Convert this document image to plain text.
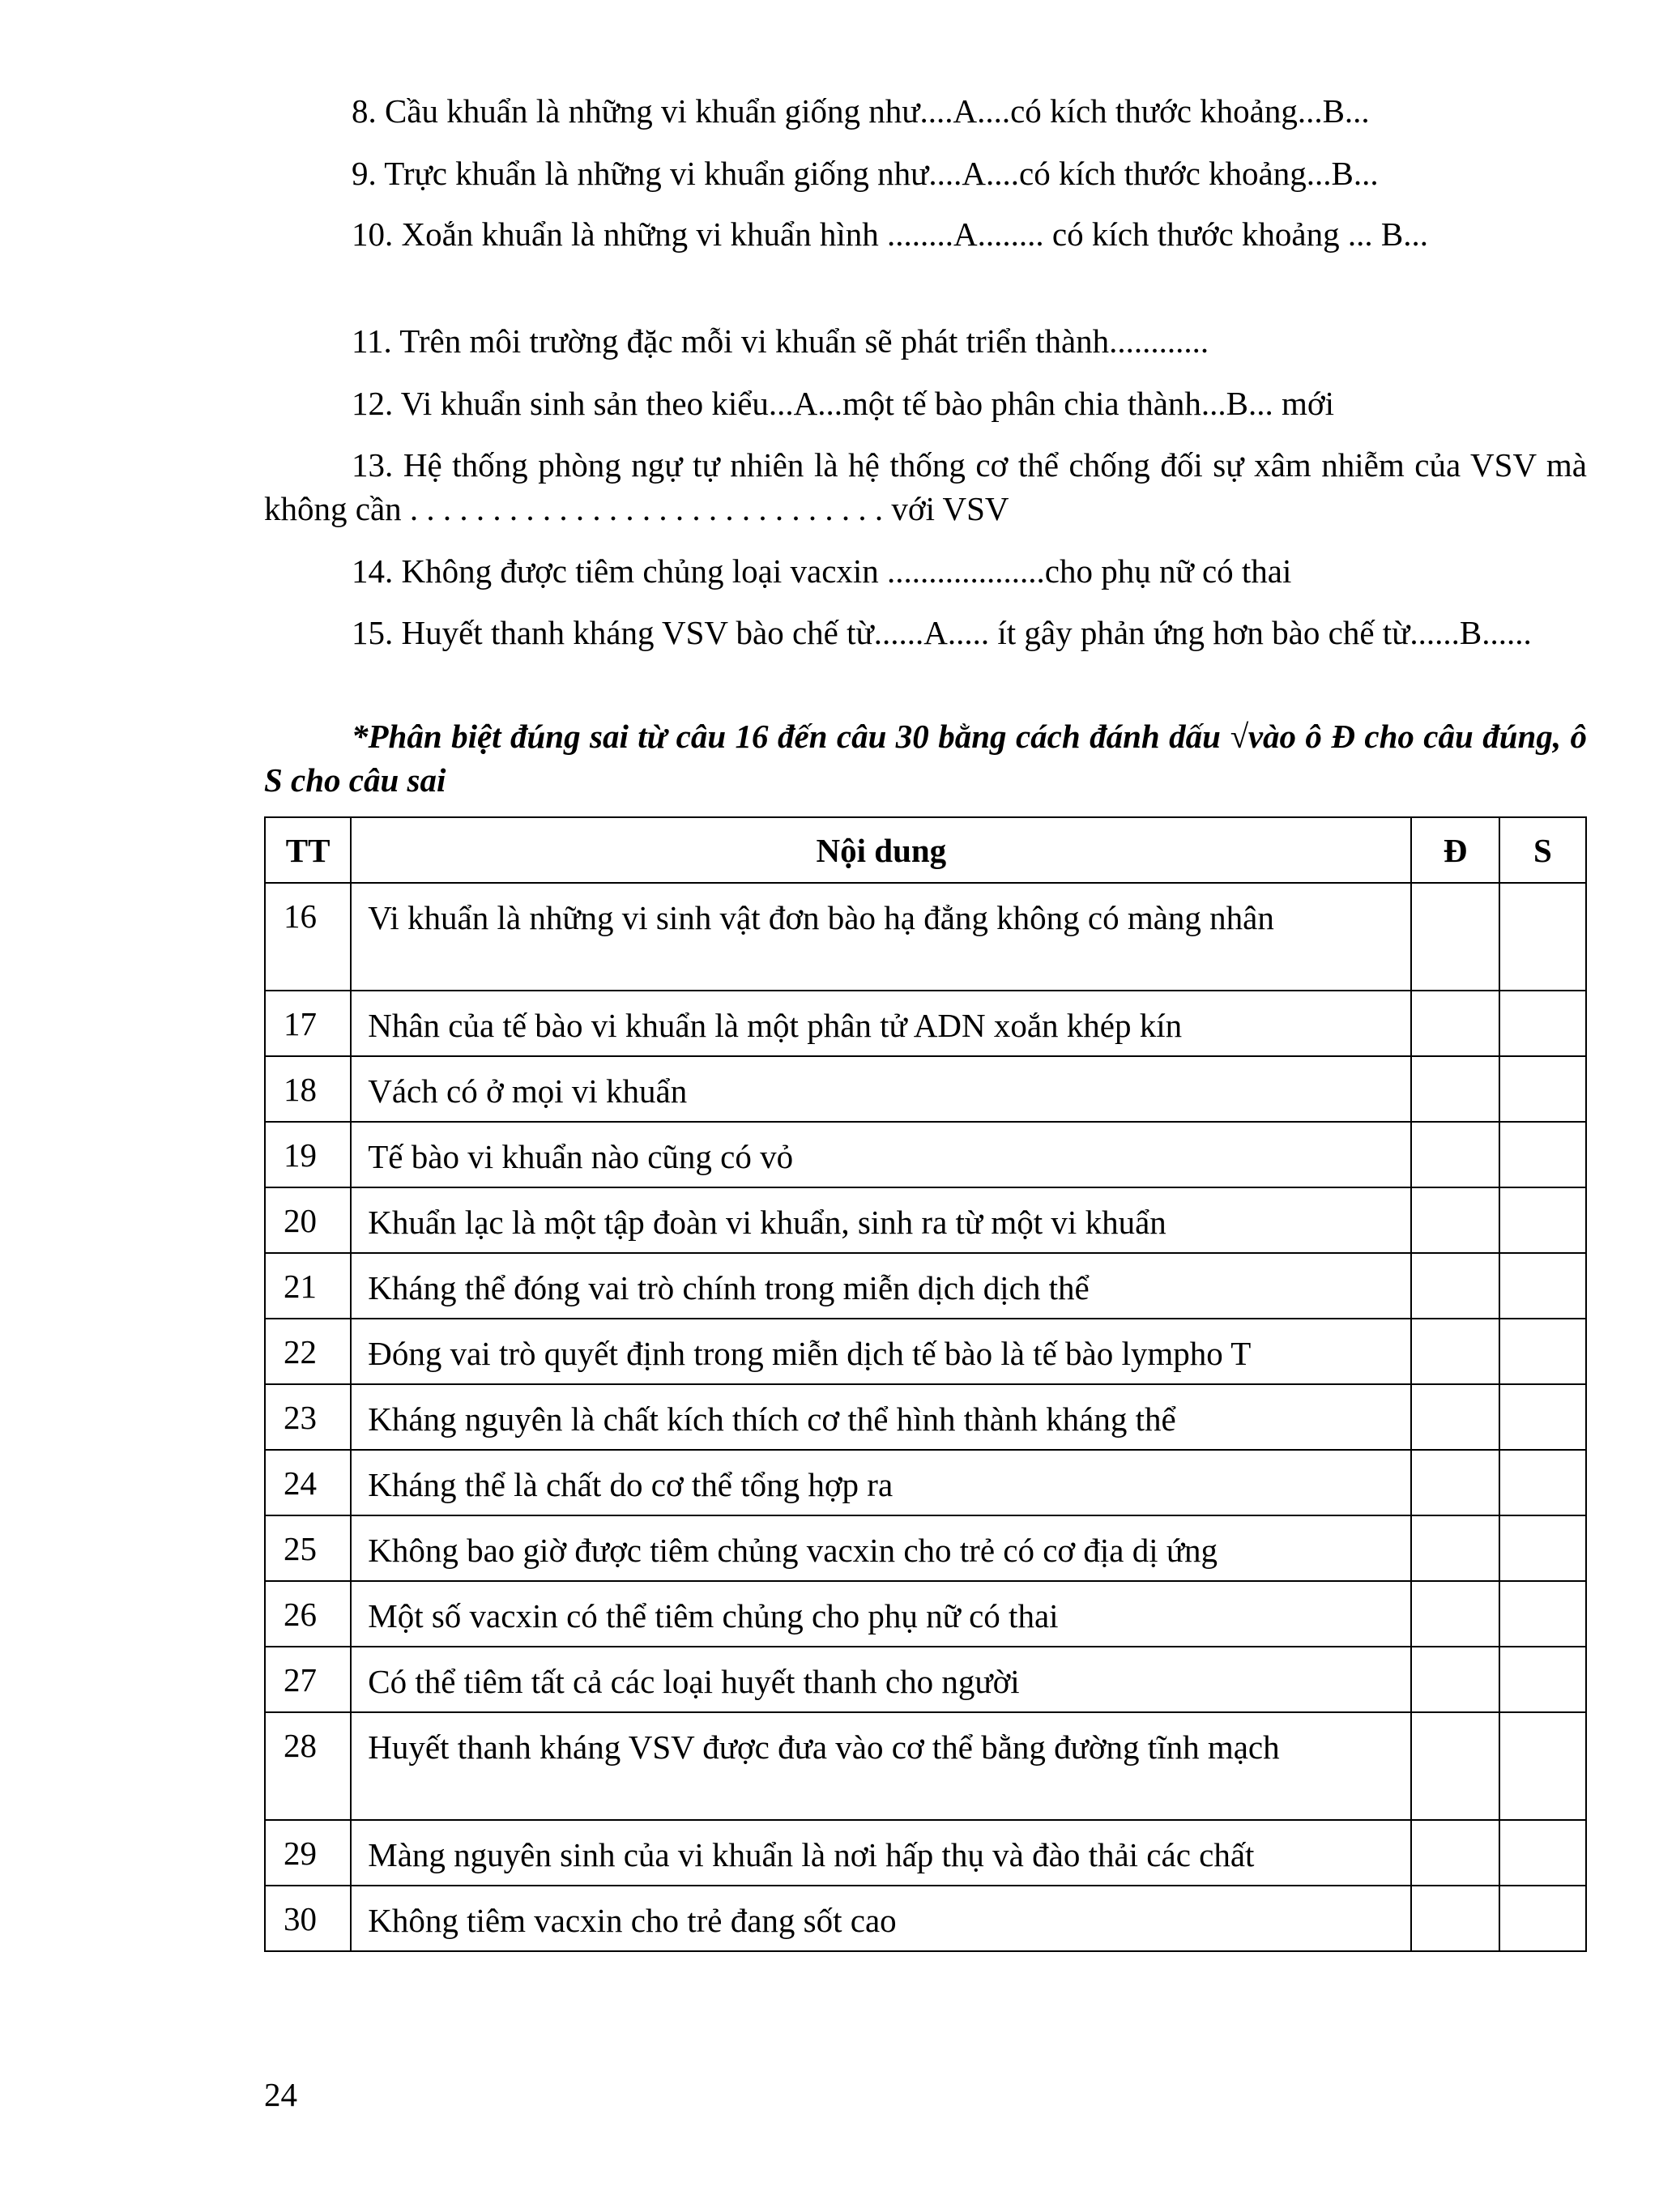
8. Cầu khuẩn là những vi khuẩn giống như....A....có kích thước khoảng...B...

9. Trực khuẩn là những vi khuẩn giống như....A....có kích thước khoảng...B...

10. Xoắn khuẩn là những vi khuẩn hình ........A........ có kích thước khoảng ... B...

11. Trên môi trường đặc mỗi vi khuẩn sẽ phát triển thành............

12. Vi khuẩn sinh sản theo kiểu...A...một tế bào phân chia thành...B... mới

13. Hệ thống phòng ngự tự nhiên là hệ thống cơ thể chống đối sự xâm nhiễm của VSV mà không cần . . . . . . . . . . . . . . . . . . . . . . . . . . . . . với VSV

14. Không được tiêm chủng loại vacxin ...................cho phụ nữ có thai

15. Huyết thanh kháng VSV bào chế từ......A..... ít gây phản ứng hơn bào chế từ......B......

*Phân biệt đúng sai từ câu 16 đến câu 30 bằng cách đánh dấu √vào ô Đ cho câu đúng, ô S cho câu sai

TT	Nội dung	Đ	S
16	Vi khuẩn là những vi sinh vật đơn bào hạ đẳng không có màng nhân		
17	Nhân của tế bào vi khuẩn là một phân tử ADN xoắn khép kín		
18	Vách có ở mọi vi khuẩn		
19	Tế bào vi khuẩn nào cũng có vỏ		
20	Khuẩn lạc là một tập đoàn vi khuẩn, sinh ra từ một vi khuẩn		
21	Kháng thể đóng vai trò chính trong miễn dịch dịch thể		
22	Đóng vai trò quyết định trong miễn dịch tế bào là tế bào lympho T		
23	Kháng nguyên là chất kích thích cơ thể hình thành kháng thể		
24	Kháng thể là chất do cơ thể tổng hợp ra		
25	Không bao giờ được tiêm chủng vacxin cho trẻ có cơ địa dị ứng		
26	Một số vacxin có thể tiêm chủng cho phụ nữ có thai		
27	Có thể tiêm tất cả các loại huyết thanh cho người		
28	Huyết thanh kháng VSV được đưa vào cơ thể bằng đường tĩnh mạch		
29	Màng nguyên sinh của vi khuẩn là nơi hấp thụ và đào thải các chất		
30	Không tiêm vacxin cho trẻ đang sốt cao		
24
